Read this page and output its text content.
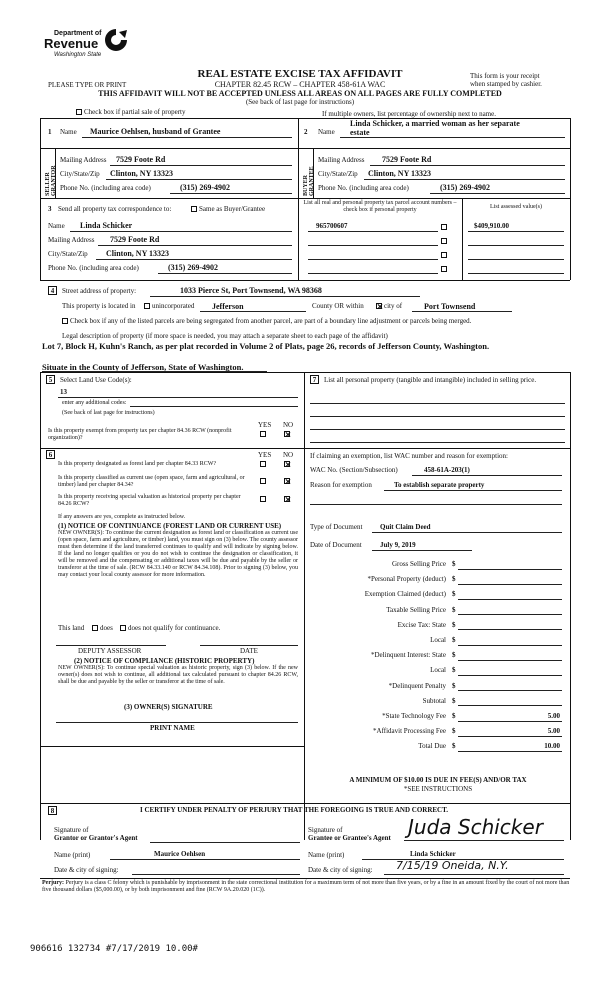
Department of
Revenue
Washington State
REAL ESTATE EXCISE TAX AFFIDAVIT
CHAPTER 82.45 RCW – CHAPTER 458-61A WAC
THIS AFFIDAVIT WILL NOT BE ACCEPTED UNLESS ALL AREAS ON ALL PAGES ARE FULLY COMPLETED
(See back of last page for instructions)
PLEASE TYPE OR PRINT
This form is your receipt
when stamped by cashier.
Check box if partial sale of property	If multiple owners, list percentage of ownership next to name.
1
SELLER GRANTOR
Name Maurice Oehlsen, husband of Grantee
Mailing Address 7529 Foote Rd
City/State/Zip Clinton, NY 13323
Phone No. (including area code)	(315) 269-4902
2
BUYER GRANTEE
Name
Linda Schicker, a married woman as her separate
estate
Mailing Address 7529 Foote Rd
City/State/Zip Clinton, NY 13323
Phone No. (including area code)	(315) 269-4902
3 Send all property tax correspondence to:	Same as Buyer/Grantee
Name Linda Schicker
Mailing Address 7529 Foote Rd
City/State/Zip Clinton, NY 13323
Phone No. (including area code)	(315) 269-4902
List all real and personal property tax parcel account numbers – check box if personal property	List assessed value(s)
965700607	$409,910.00
4	Street address of property:	1033 Pierce St, Port Townsend, WA 98368
This property is located in unincorporated Jefferson	County OR within	city of	Port Townsend
Check box if any of the listed parcels are being segregated from another parcel, are part of a boundary line adjustment or parcels being merged.
Legal description of property (if more space is needed, you may attach a separate sheet to each page of the affidavit)
Lot 7, Block H, Kuhn's Ranch, as per plat recorded in Volume 2 of Plats, page 26, records of Jefferson County, Washington.
Situate in the County of Jefferson, State of Washington.
5	Select Land Use Code(s):
13
enter any additional codes:
(See back of last page for instructions)
YES NO
Is this property exempt from property tax per chapter 84.36 RCW (nonprofit organization)?
7	List all personal property (tangible and intangible) included in selling price.
6	YES NO
Is this property designated as forest land per chapter 84.33 RCW?
Is this property classified as current use (open space, farm and agricultural, or timber) land per chapter 84.34?
Is this property receiving special valuation as historical property per chapter 84.26 RCW?
If any answers are yes, complete as instructed below.
(1) NOTICE OF CONTINUANCE (FOREST LAND OR CURRENT USE)
NEW OWNER(S): To continue the current designation as forest land or classification as current use (open space, farm and agriculture, or timber) land, you must sign on (3) below. The county assessor must then determine if the land transferred continues to qualify and will indicate by signing below. If the land no longer qualifies or you do not wish to continue the designation or classification, it will be removed and the compensating or additional taxes will be due and payable by the seller or transferor at the time of sale. (RCW 84.33.140 or RCW 84.34.108). Prior to signing (3) below, you may contact your local county assessor for more information.
This land does does not qualify for continuance.
DEPUTY ASSESSOR	DATE
(2) NOTICE OF COMPLIANCE (HISTORIC PROPERTY)
NEW OWNER(S): To continue special valuation as historic property, sign (3) below. If the new owner(s) does not wish to continue, all additional tax calculated pursuant to chapter 84.26 RCW, shall be due and payable by the seller or transferor at the time of sale.
(3) OWNER(S) SIGNATURE
PRINT NAME
If claiming an exemption, list WAC number and reason for exemption:
WAC No. (Section/Subsection)	458-61A-203(1)
Reason for exemption	To establish separate property
Type of Document	Quit Claim Deed
Date of Document	July 9, 2019
Gross Selling Price $
*Personal Property (deduct) $
Exemption Claimed (deduct) $
Taxable Selling Price $
Excise Tax: State $
Local $
*Delinquent Interest: State $
Local $
*Delinquent Penalty $
Subtotal $
*State Technology Fee $	5.00
*Affidavit Processing Fee $	5.00
Total Due $	10.00
A MINIMUM OF $10.00 IS DUE IN FEE(S) AND/OR TAX
*SEE INSTRUCTIONS
8	I CERTIFY UNDER PENALTY OF PERJURY THAT THE FOREGOING IS TRUE AND CORRECT.
Signature of
Grantor or Grantor's Agent
Name (print)	Maurice Oehlsen
Date & city of signing:
Signature of
Grantee or Grantee's Agent Juda Schicker
Name (print)	Linda Schicker
Date & city of signing: 7/15/19 Oneida, N.Y.
Perjury: Perjury is a class C felony which is punishable by imprisonment in the state correctional institution for a maximum term of not more than five years, or by a fine in an amount fixed by the court of not more than five thousand dollars ($5,000.00), or by both imprisonment and fine (RCW 9A.20.020 (1C)).
906616 132734 #7/17/2019 10.00#
